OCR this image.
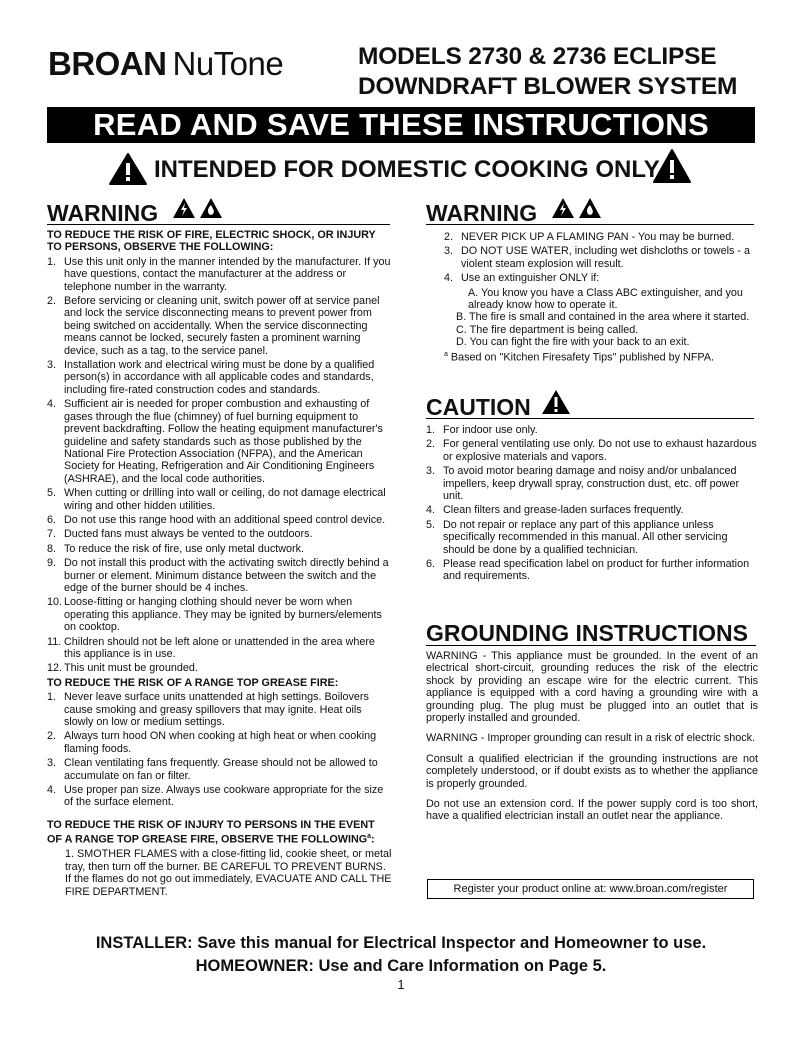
BROAN NuTone	MODELS 2730 & 2736 ECLIPSE
DOWNDRAFT BLOWER SYSTEM
READ AND SAVE THESE INSTRUCTIONS
INTENDED FOR DOMESTIC COOKING ONLY
WARNING
TO REDUCE THE RISK OF FIRE, ELECTRIC SHOCK, OR INJURY TO PERSONS, OBSERVE THE FOLLOWING:
1. Use this unit only in the manner intended by the manufacturer. If you have questions, contact the manufacturer at the address or telephone number in the warranty.
2. Before servicing or cleaning unit, switch power off at service panel and lock the service disconnecting means to prevent power from being switched on accidentally. When the service disconnecting means cannot be locked, securely fasten a prominent warning device, such as a tag, to the service panel.
3. Installation work and electrical wiring must be done by a qualified person(s) in accordance with all applicable codes and standards, including fire-rated construction codes and standards.
4. Sufficient air is needed for proper combustion and exhausting of gases through the flue (chimney) of fuel burning equipment to prevent backdrafting. Follow the heating equipment manufacturer's guideline and safety standards such as those published by the National Fire Protection Association (NFPA), and the American Society for Heating, Refrigeration and Air Conditioning Engineers (ASHRAE), and the local code authorities.
5. When cutting or drilling into wall or ceiling, do not damage electrical wiring and other hidden utilities.
6. Do not use this range hood with an additional speed control device.
7. Ducted fans must always be vented to the outdoors.
8. To reduce the risk of fire, use only metal ductwork.
9. Do not install this product with the activating switch directly behind a burner or element. Minimum distance between the switch and the edge of the burner should be 4 inches.
10. Loose-fitting or hanging clothing should never be worn when operating this appliance. They may be ignited by burners/elements on cooktop.
11. Children should not be left alone or unattended in the area where this appliance is in use.
12. This unit must be grounded.
TO REDUCE THE RISK OF A RANGE TOP GREASE FIRE:
1. Never leave surface units unattended at high settings. Boilovers cause smoking and greasy spillovers that may ignite. Heat oils slowly on low or medium settings.
2. Always turn hood ON when cooking at high heat or when cooking flaming foods.
3. Clean ventilating fans frequently. Grease should not be allowed to accumulate on fan or filter.
4. Use proper pan size. Always use cookware appropriate for the size of the surface element.
TO REDUCE THE RISK OF INJURY TO PERSONS IN THE EVENT OF A RANGE TOP GREASE FIRE, OBSERVE THE FOLLOWING$^a$:
1. SMOTHER FLAMES with a close-fitting lid, cookie sheet, or metal tray, then turn off the burner. BE CAREFUL TO PREVENT BURNS. If the flames do not go out immediately, EVACUATE AND CALL THE FIRE DEPARTMENT.
WARNING
2. NEVER PICK UP A FLAMING PAN - You may be burned.
3. DO NOT USE WATER, including wet dishcloths or towels - a violent steam explosion will result.
4. Use an extinguisher ONLY if:
A. You know you have a Class ABC extinguisher, and you already know how to operate it.
B. The fire is small and contained in the area where it started.
C. The fire department is being called.
D. You can fight the fire with your back to an exit.
$^a$ Based on "Kitchen Firesafety Tips" published by NFPA.
CAUTION
1. For indoor use only.
2. For general ventilating use only. Do not use to exhaust hazardous or explosive materials and vapors.
3. To avoid motor bearing damage and noisy and/or unbalanced impellers, keep drywall spray, construction dust, etc. off power unit.
4. Clean filters and grease-laden surfaces frequently.
5. Do not repair or replace any part of this appliance unless specifically recommended in this manual. All other servicing should be done by a qualified technician.
6. Please read specification label on product for further information and requirements.
GROUNDING INSTRUCTIONS

WARNING - This appliance must be grounded. In the event of an electrical short-circuit, grounding reduces the risk of the electric shock by providing an escape wire for the electric current. This appliance is equipped with a cord having a grounding wire with a grounding plug. The plug must be plugged into an outlet that is properly installed and grounded.

WARNING - Improper grounding can result in a risk of electric shock.

Consult a qualified electrician if the grounding instructions are not completely understood, or if doubt exists as to whether the appliance is properly grounded.

Do not use an extension cord. If the power supply cord is too short, have a qualified electrician install an outlet near the appliance.

Register your product online at: www.broan.com/register
INSTALLER: Save this manual for Electrical Inspector and Homeowner to use.
HOMEOWNER: Use and Care Information on Page 5.
1
